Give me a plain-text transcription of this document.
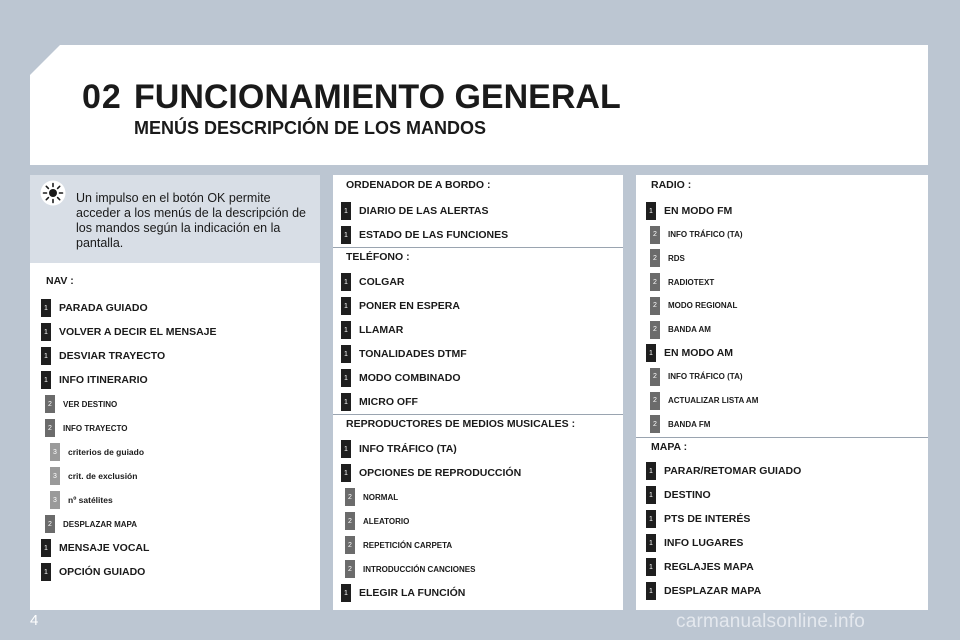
02 FUNCIONAMIENTO GENERAL
MENÚS DESCRIPCIÓN DE LOS MANDOS
Un impulso en el botón OK permite acceder a los menús de la descripción de los mandos según la indicación en la pantalla.
NAV :
ORDENADOR DE A BORDO :
TELÉFONO :
REPRODUCTORES DE MEDIOS MUSICALES :
RADIO :
MAPA :
1 PARADA GUIADO
1 VOLVER A DECIR EL MENSAJE
1 DESVIAR TRAYECTO
1 INFO ITINERARIO
2	VER DESTINO
2	INFO TRAYECTO
3	criterios de guiado
3	crit. de exclusión
3	nº satélites
2	DESPLAZAR MAPA
1 MENSAJE VOCAL
1 OPCIÓN GUIADO
1 DIARIO DE LAS ALERTAS
1 ESTADO DE LAS FUNCIONES
1 COLGAR
1 PONER EN ESPERA
1 LLAMAR
1 TONALIDADES DTMF
1 MODO COMBINADO
1 MICRO OFF
1 INFO TRÁFICO (TA)
1 OPCIONES DE REPRODUCCIÓN
2	NORMAL
2	ALEATORIO
2	REPETICIÓN CARPETA
2	INTRODUCCIÓN CANCIONES
1 ELEGIR LA FUNCIÓN
1 EN MODO FM
2	INFO TRÁFICO (TA)
2	RDS
2	RADIOTEXT
2	MODO REGIONAL
2	BANDA AM
1 EN MODO AM
2	INFO TRÁFICO (TA)
2	ACTUALIZAR LISTA AM
2	BANDA FM
1 PARAR/RETOMAR GUIADO
1 DESTINO
1 PTS DE INTERÉS
1 INFO LUGARES
1 REGLAJES MAPA
1 DESPLAZAR MAPA
4	carmanualsonline.info
